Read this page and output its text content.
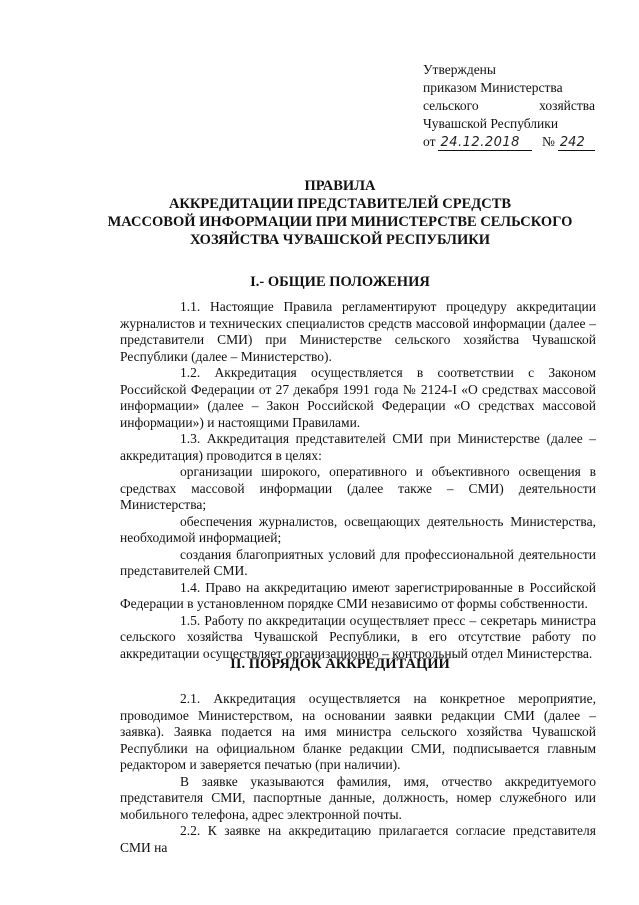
Утверждены
приказом Министерства
сельского	хозяйства
Чувашской Республики
от 24.12.2018	№ 242
ПРАВИЛА
АККРЕДИТАЦИИ ПРЕДСТАВИТЕЛЕЙ СРЕДСТВ
МАССОВОЙ ИНФОРМАЦИИ ПРИ МИНИСТЕРСТВЕ СЕЛЬСКОГО
ХОЗЯЙСТВА ЧУВАШСКОЙ РЕСПУБЛИКИ
I.- ОБЩИЕ ПОЛОЖЕНИЯ

1.1. Настоящие Правила регламентируют процедуру аккредитации журналистов и технических специалистов средств массовой информации (далее – представители СМИ) при Министерстве сельского хозяйства Чувашской Республики (далее – Министерство).

1.2. Аккредитация осуществляется в соответствии с Законом Российской Федерации от 27 декабря 1991 года № 2124-I «О средствах массовой информации» (далее – Закон Российской Федерации «О средствах массовой информации») и настоящими Правилами.

1.3. Аккредитация представителей СМИ при Министерстве (далее – аккредитация) проводится в целях:

организации широкого, оперативного и объективного освещения в средствах массовой информации (далее также – СМИ) деятельности Министерства;

обеспечения журналистов, освещающих деятельность Министерства, необходимой информацией;

создания благоприятных условий для профессиональной деятельности представителей СМИ.

1.4. Право на аккредитацию имеют зарегистрированные в Российской Федерации в установленном порядке СМИ независимо от формы собственности.

1.5. Работу по аккредитации осуществляет пресс – секретарь министра сельского хозяйства Чувашской Республики, в его отсутствие работу по аккредитации осуществляет организационно – контрольный отдел Министерства.

II. ПОРЯДОК АККРЕДИТАЦИИ

2.1. Аккредитация осуществляется на конкретное мероприятие, проводимое Министерством, на основании заявки редакции СМИ (далее – заявка). Заявка подается на имя министра сельского хозяйства Чувашской Республики на официальном бланке редакции СМИ, подписывается главным редактором и заверяется печатью (при наличии).

В заявке указываются фамилия, имя, отчество аккредитуемого представителя СМИ, паспортные данные, должность, номер служебного или мобильного телефона, адрес электронной почты.

2.2. К заявке на аккредитацию прилагается согласие представителя СМИ на
